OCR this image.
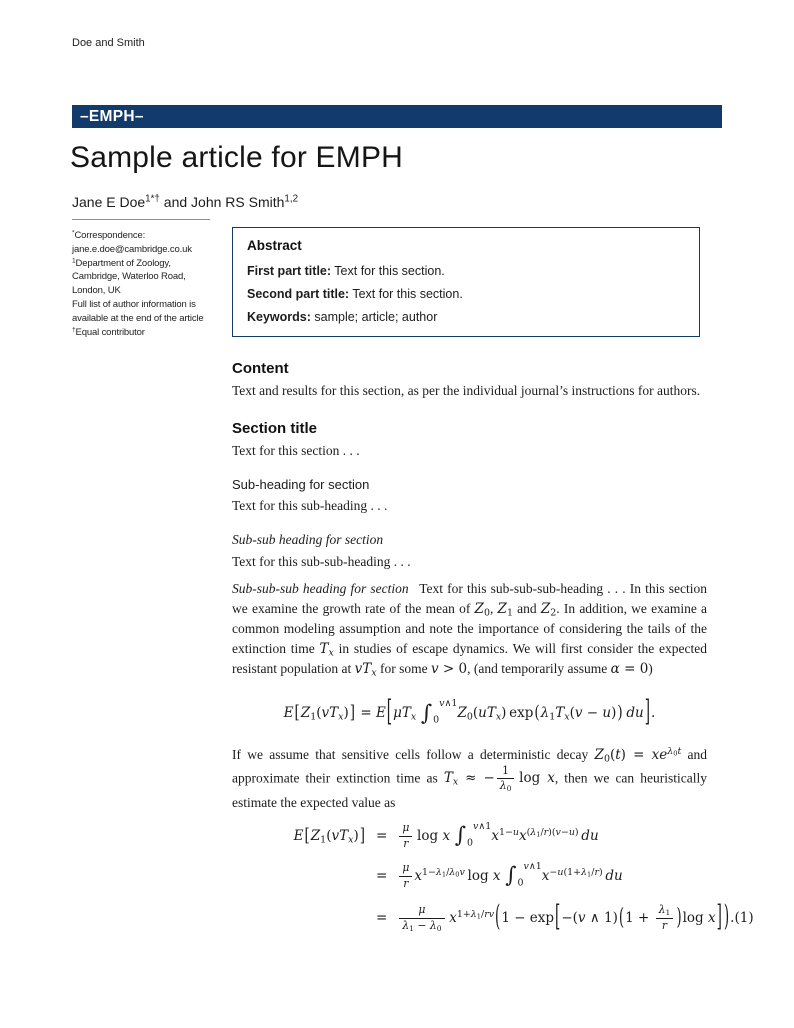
Doe and Smith
–EMPH–
Sample article for EMPH
Jane E Doe$^{1*\dagger}$ and John RS Smith$^{1,2}$
*Correspondence:
jane.e.doe@cambridge.co.uk
$^1$Department of Zoology,
Cambridge, Waterloo Road,
London, UK
Full list of author information is
available at the end of the article
†Equal contributor
Abstract
First part title: Text for this section.
Second part title: Text for this section.
Keywords: sample; article; author
Content

Text and results for this section, as per the individual journal’s instructions for authors.

Section title

Text for this section . . .

Sub-heading for section

Text for this sub-heading . . .

Sub-sub heading for section

Text for this sub-sub-heading . . .

Sub-sub-sub heading for section  Text for this sub-sub-sub-heading . . . In this section we examine the growth rate of the mean of Z0, Z1 and Z2. In addition, we examine a common modeling assumption and note the importance of considering the tails of the extinction time Tx in studies of escape dynamics. We will first consider the expected resistant population at vTx for some v > 0, (and temporarily assume α = 0)

E[Z1(vTx)] = E[μTx  $\int_0^{v\wedge 1}Z0(uTx) \exp(\lambda 1Tx(v - u))$  du].

If we assume that sensitive cells follow a deterministic decay $Z0(t) = xe^{\lambda 0t}$ and approximate their extinction time as Tx ≈ − $\frac{1}{\lambda 0}$
  log x, then we can heuristically estimate the expected value as

E[Z1(vTx)] =	$\frac{\mu}{r}$
  log x  $\int_0^{v\wedge 1}x^{1-u}x^{(\lambda 1/r)(v-u)}$  du
=	$\frac{\mu}{r} x^{1-\lambda 1/\lambda 0v}$  log x  $\int_0^{v\wedge 1}x^{-u(1+\lambda 1/r)}$  du
=	$\frac{\mu}{\lambda 1 - \lambda 0}$
  $x^{1+\lambda 1/rv}(1 - \exp[-(v$ ∧ $1)(1 + \frac{\lambda 1}{r} )\log$ x] ). (1)
